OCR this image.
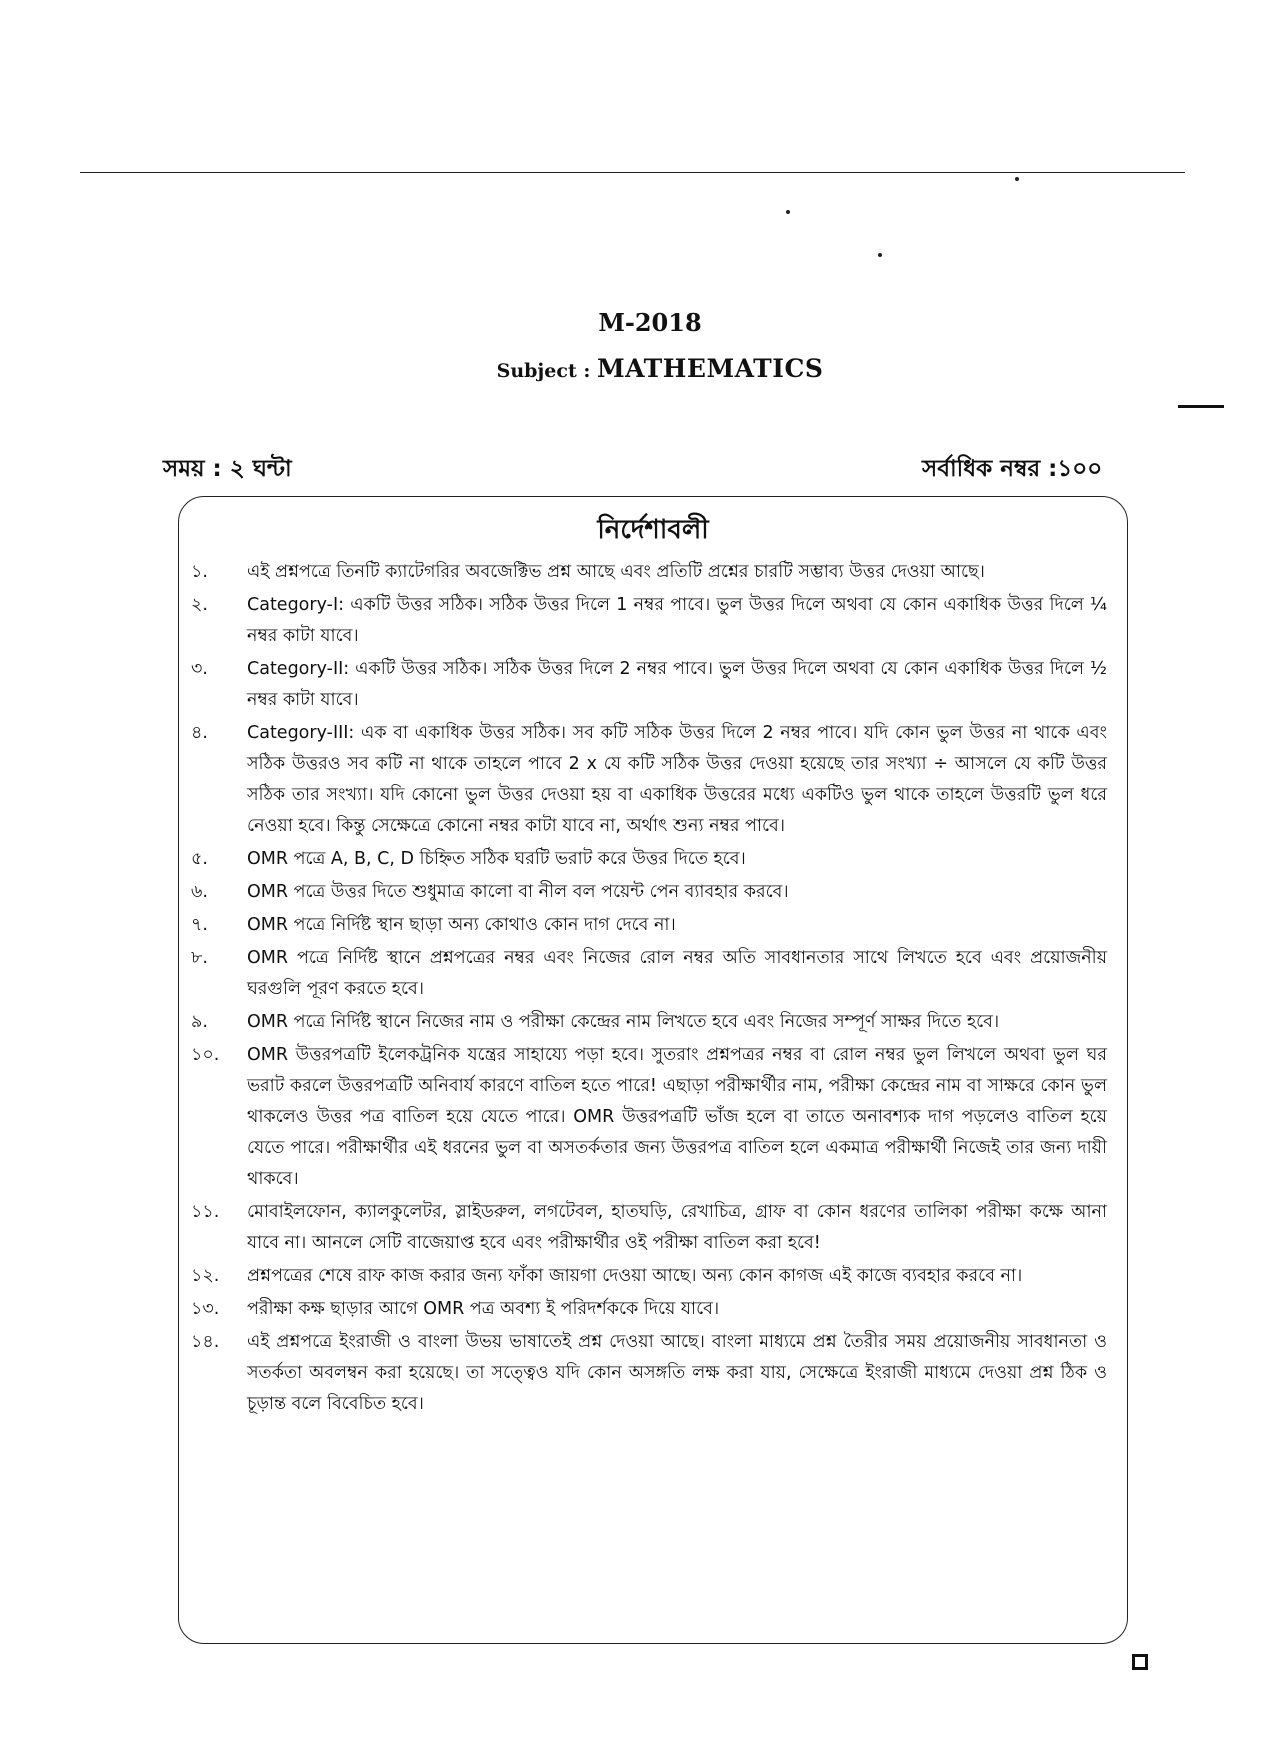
M-2018
Subject : MATHEMATICS
সময় : ২ ঘন্টা	সর্বাধিক নম্বর :১০০
নির্দেশাবলী
১.	এই প্রশ্নপত্রে তিনটি ক্যাটেগরির অবজেক্টিভ প্রশ্ন আছে এবং প্রতিটি প্রশ্নের চারটি সম্ভাব্য উত্তর দেওয়া আছে।
২.	Category-I: একটি উত্তর সঠিক। সঠিক উত্তর দিলে 1 নম্বর পাবে। ভুল উত্তর দিলে অথবা যে কোন একাধিক উত্তর দিলে ¼ নম্বর কাটা যাবে।
৩.	Category-II: একটি উত্তর সঠিক। সঠিক উত্তর দিলে 2 নম্বর পাবে। ভুল উত্তর দিলে অথবা যে কোন একাধিক উত্তর দিলে ½ নম্বর কাটা যাবে।
৪.	Category-III: এক বা একাধিক উত্তর সঠিক। সব কটি সঠিক উত্তর দিলে 2 নম্বর পাবে। যদি কোন ভুল উত্তর না থাকে এবং সঠিক উত্তরও সব কটি না থাকে তাহলে পাবে 2 x যে কটি সঠিক উত্তর দেওয়া হয়েছে তার সংখ্যা ÷ আসলে যে কটি উত্তর সঠিক তার সংখ্যা। যদি কোনো ভুল উত্তর দেওয়া হয় বা একাধিক উত্তরের মধ্যে একটিও ভুল থাকে তাহলে উত্তরটি ভুল ধরে নেওয়া হবে। কিন্তু সেক্ষেত্রে কোনো নম্বর কাটা যাবে না, অর্থাৎ শুন্য নম্বর পাবে।
৫.	OMR পত্রে A, B, C, D চিহ্নিত সঠিক ঘরটি ভরাট করে উত্তর দিতে হবে।
৬.	OMR পত্রে উত্তর দিতে শুধুমাত্র কালো বা নীল বল পয়েন্ট পেন ব্যাবহার করবে।
৭.	OMR পত্রে নির্দিষ্ট স্থান ছাড়া অন্য কোথাও কোন দাগ দেবে না।
৮.	OMR পত্রে নির্দিষ্ট স্থানে প্রশ্নপত্রের নম্বর এবং নিজের রোল নম্বর অতি সাবধানতার সাথে লিখতে হবে এবং প্রয়োজনীয় ঘরগুলি পূরণ করতে হবে।
৯.	OMR পত্রে নির্দিষ্ট স্থানে নিজের নাম ও পরীক্ষা কেন্দ্রের নাম লিখতে হবে এবং নিজের সম্পূর্ণ সাক্ষর দিতে হবে।
১০.	OMR উত্তরপত্রটি ইলেকট্রনিক যন্ত্রের সাহায্যে পড়া হবে। সুতরাং প্রশ্নপত্রর নম্বর বা রোল নম্বর ভুল লিখলে অথবা ভুল ঘর ভরাট করলে উত্তরপত্রটি অনিবার্য কারণে বাতিল হতে পারে! এছাড়া পরীক্ষার্থীর নাম, পরীক্ষা কেন্দ্রের নাম বা সাক্ষরে কোন ভুল থাকলেও উত্তর পত্র বাতিল হয়ে যেতে পারে। OMR উত্তরপত্রটি ভাঁজ হলে বা তাতে অনাবশ্যক দাগ পড়লেও বাতিল হয়ে যেতে পারে। পরীক্ষার্থীর এই ধরনের ভুল বা অসতর্কতার জন্য উত্তরপত্র বাতিল হলে একমাত্র পরীক্ষার্থী নিজেই তার জন্য দায়ী থাকবে।
১১.	মোবাইলফোন, ক্যালকুলেটর, স্লাইডরুল, লগটেবল, হাতঘড়ি, রেখাচিত্র, গ্রাফ বা কোন ধরণের তালিকা পরীক্ষা কক্ষে আনা যাবে না। আনলে সেটি বাজেয়াপ্ত হবে এবং পরীক্ষার্থীর ওই পরীক্ষা বাতিল করা হবে!
১২.	প্রশ্নপত্রের শেষে রাফ কাজ করার জন্য ফাঁকা জায়গা দেওয়া আছে। অন্য কোন কাগজ এই কাজে ব্যবহার করবে না।
১৩.	পরীক্ষা কক্ষ ছাড়ার আগে OMR পত্র অবশ্য ই পরিদর্শককে দিয়ে যাবে।
১৪.	এই প্রশ্নপত্রে ইংরাজী ও বাংলা উভয় ভাষাতেই প্রশ্ন দেওয়া আছে। বাংলা মাধ্যমে প্রশ্ন তৈরীর সময় প্রয়োজনীয় সাবধানতা ও সতর্কতা অবলম্বন করা হয়েছে। তা সত্ত্বেও যদি কোন অসঙ্গতি লক্ষ করা যায়, সেক্ষেত্রে ইংরাজী মাধ্যমে দেওয়া প্রশ্ন ঠিক ও চূড়ান্ত বলে বিবেচিত হবে।
